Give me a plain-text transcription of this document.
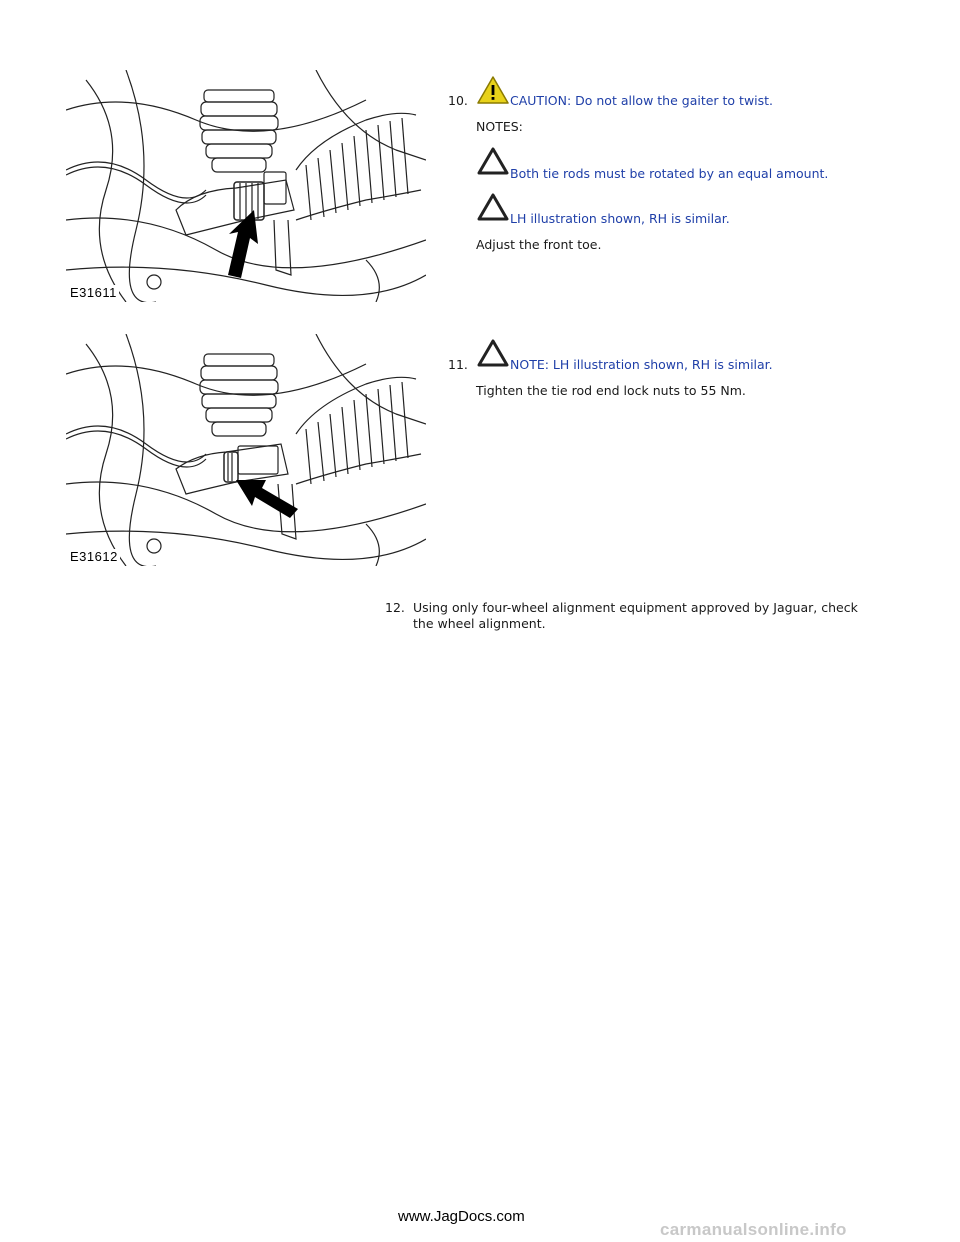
E31611
10.	CAUTION: Do not allow the gaiter to twist.
NOTES:
Both tie rods must be rotated by an equal amount.
LH illustration shown, RH is similar.
Adjust the front toe.
E31612
11.	NOTE: LH illustration shown, RH is similar.
Tighten the tie rod end lock nuts to 55 Nm.
12. Using only four-wheel alignment equipment approved by Jaguar, check
the wheel alignment.
www.JagDocs.com
carmanualsonline.info
